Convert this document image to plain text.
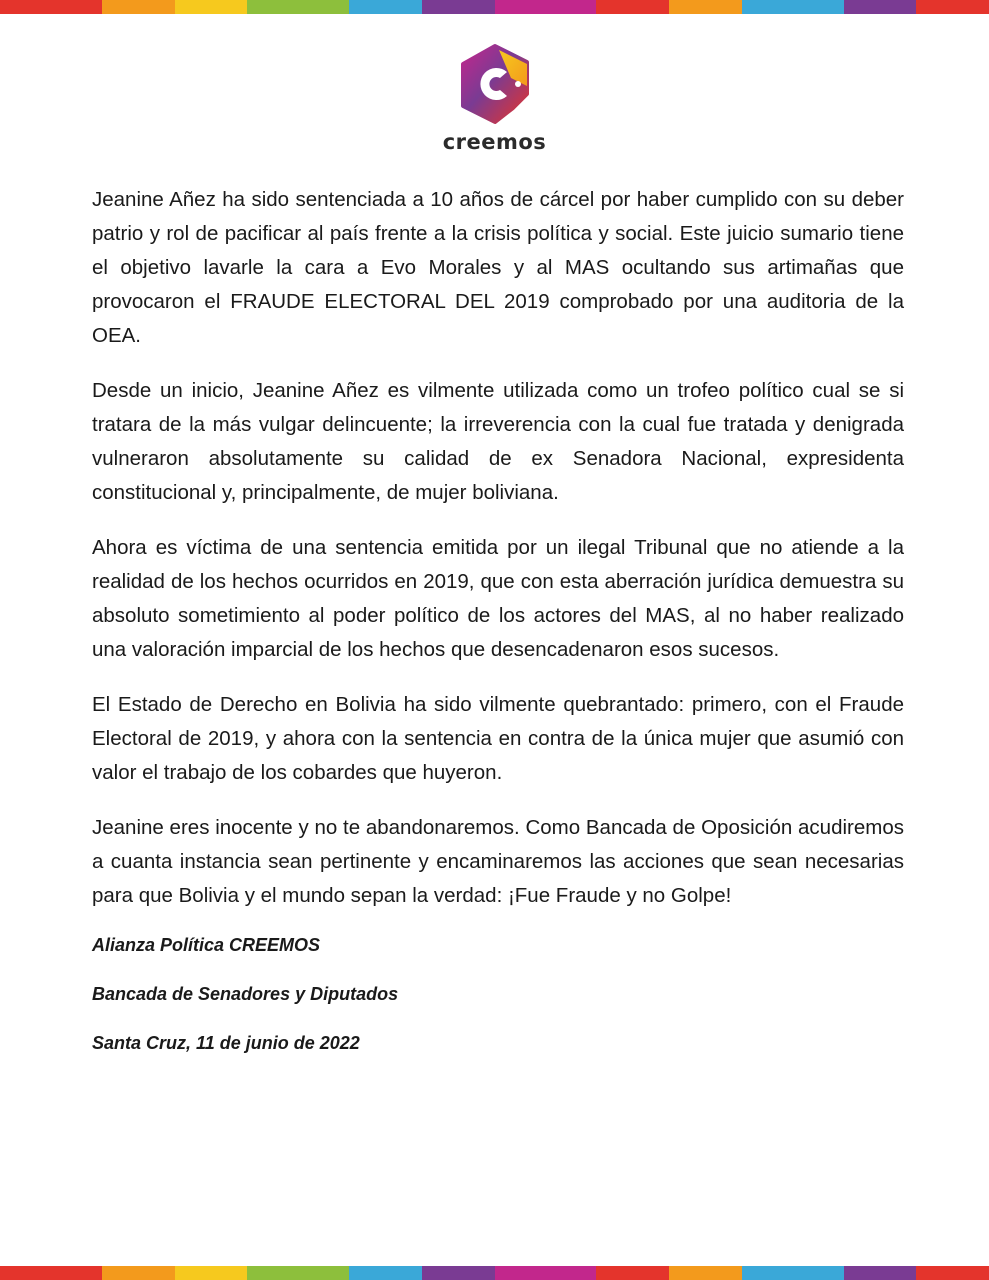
creemos

Jeanine Añez ha sido sentenciada a 10 años de cárcel por haber cumplido con su deber patrio y rol de pacificar al país frente a la crisis política y social. Este juicio sumario tiene el objetivo lavarle la cara a Evo Morales y al MAS ocultando sus artimañas que provocaron el FRAUDE ELECTORAL DEL 2019 comprobado por una auditoria de la OEA.

Desde un inicio, Jeanine Añez es vilmente utilizada como un trofeo político cual se si tratara de la más vulgar delincuente; la irreverencia con la cual fue tratada y denigrada vulneraron absolutamente su calidad de ex Senadora Nacional, expresidenta constitucional y, principalmente, de mujer boliviana.

Ahora es víctima de una sentencia emitida por un ilegal Tribunal que no atiende a la realidad de los hechos ocurridos en 2019, que con esta aberración jurídica demuestra su absoluto sometimiento al poder político de los actores del MAS, al no haber realizado una valoración imparcial de los hechos que desencadenaron esos sucesos.

El Estado de Derecho en Bolivia ha sido vilmente quebrantado: primero, con el Fraude Electoral de 2019, y ahora con la sentencia en contra de la única mujer que asumió con valor el trabajo de los cobardes que huyeron.

Jeanine eres inocente y no te abandonaremos. Como Bancada de Oposición acudiremos a cuanta instancia sean pertinente y encaminaremos las acciones que sean necesarias para que Bolivia y el mundo sepan la verdad: ¡Fue Fraude y no Golpe!

Alianza Política CREEMOS
Bancada de Senadores y Diputados
Santa Cruz, 11 de junio de 2022
